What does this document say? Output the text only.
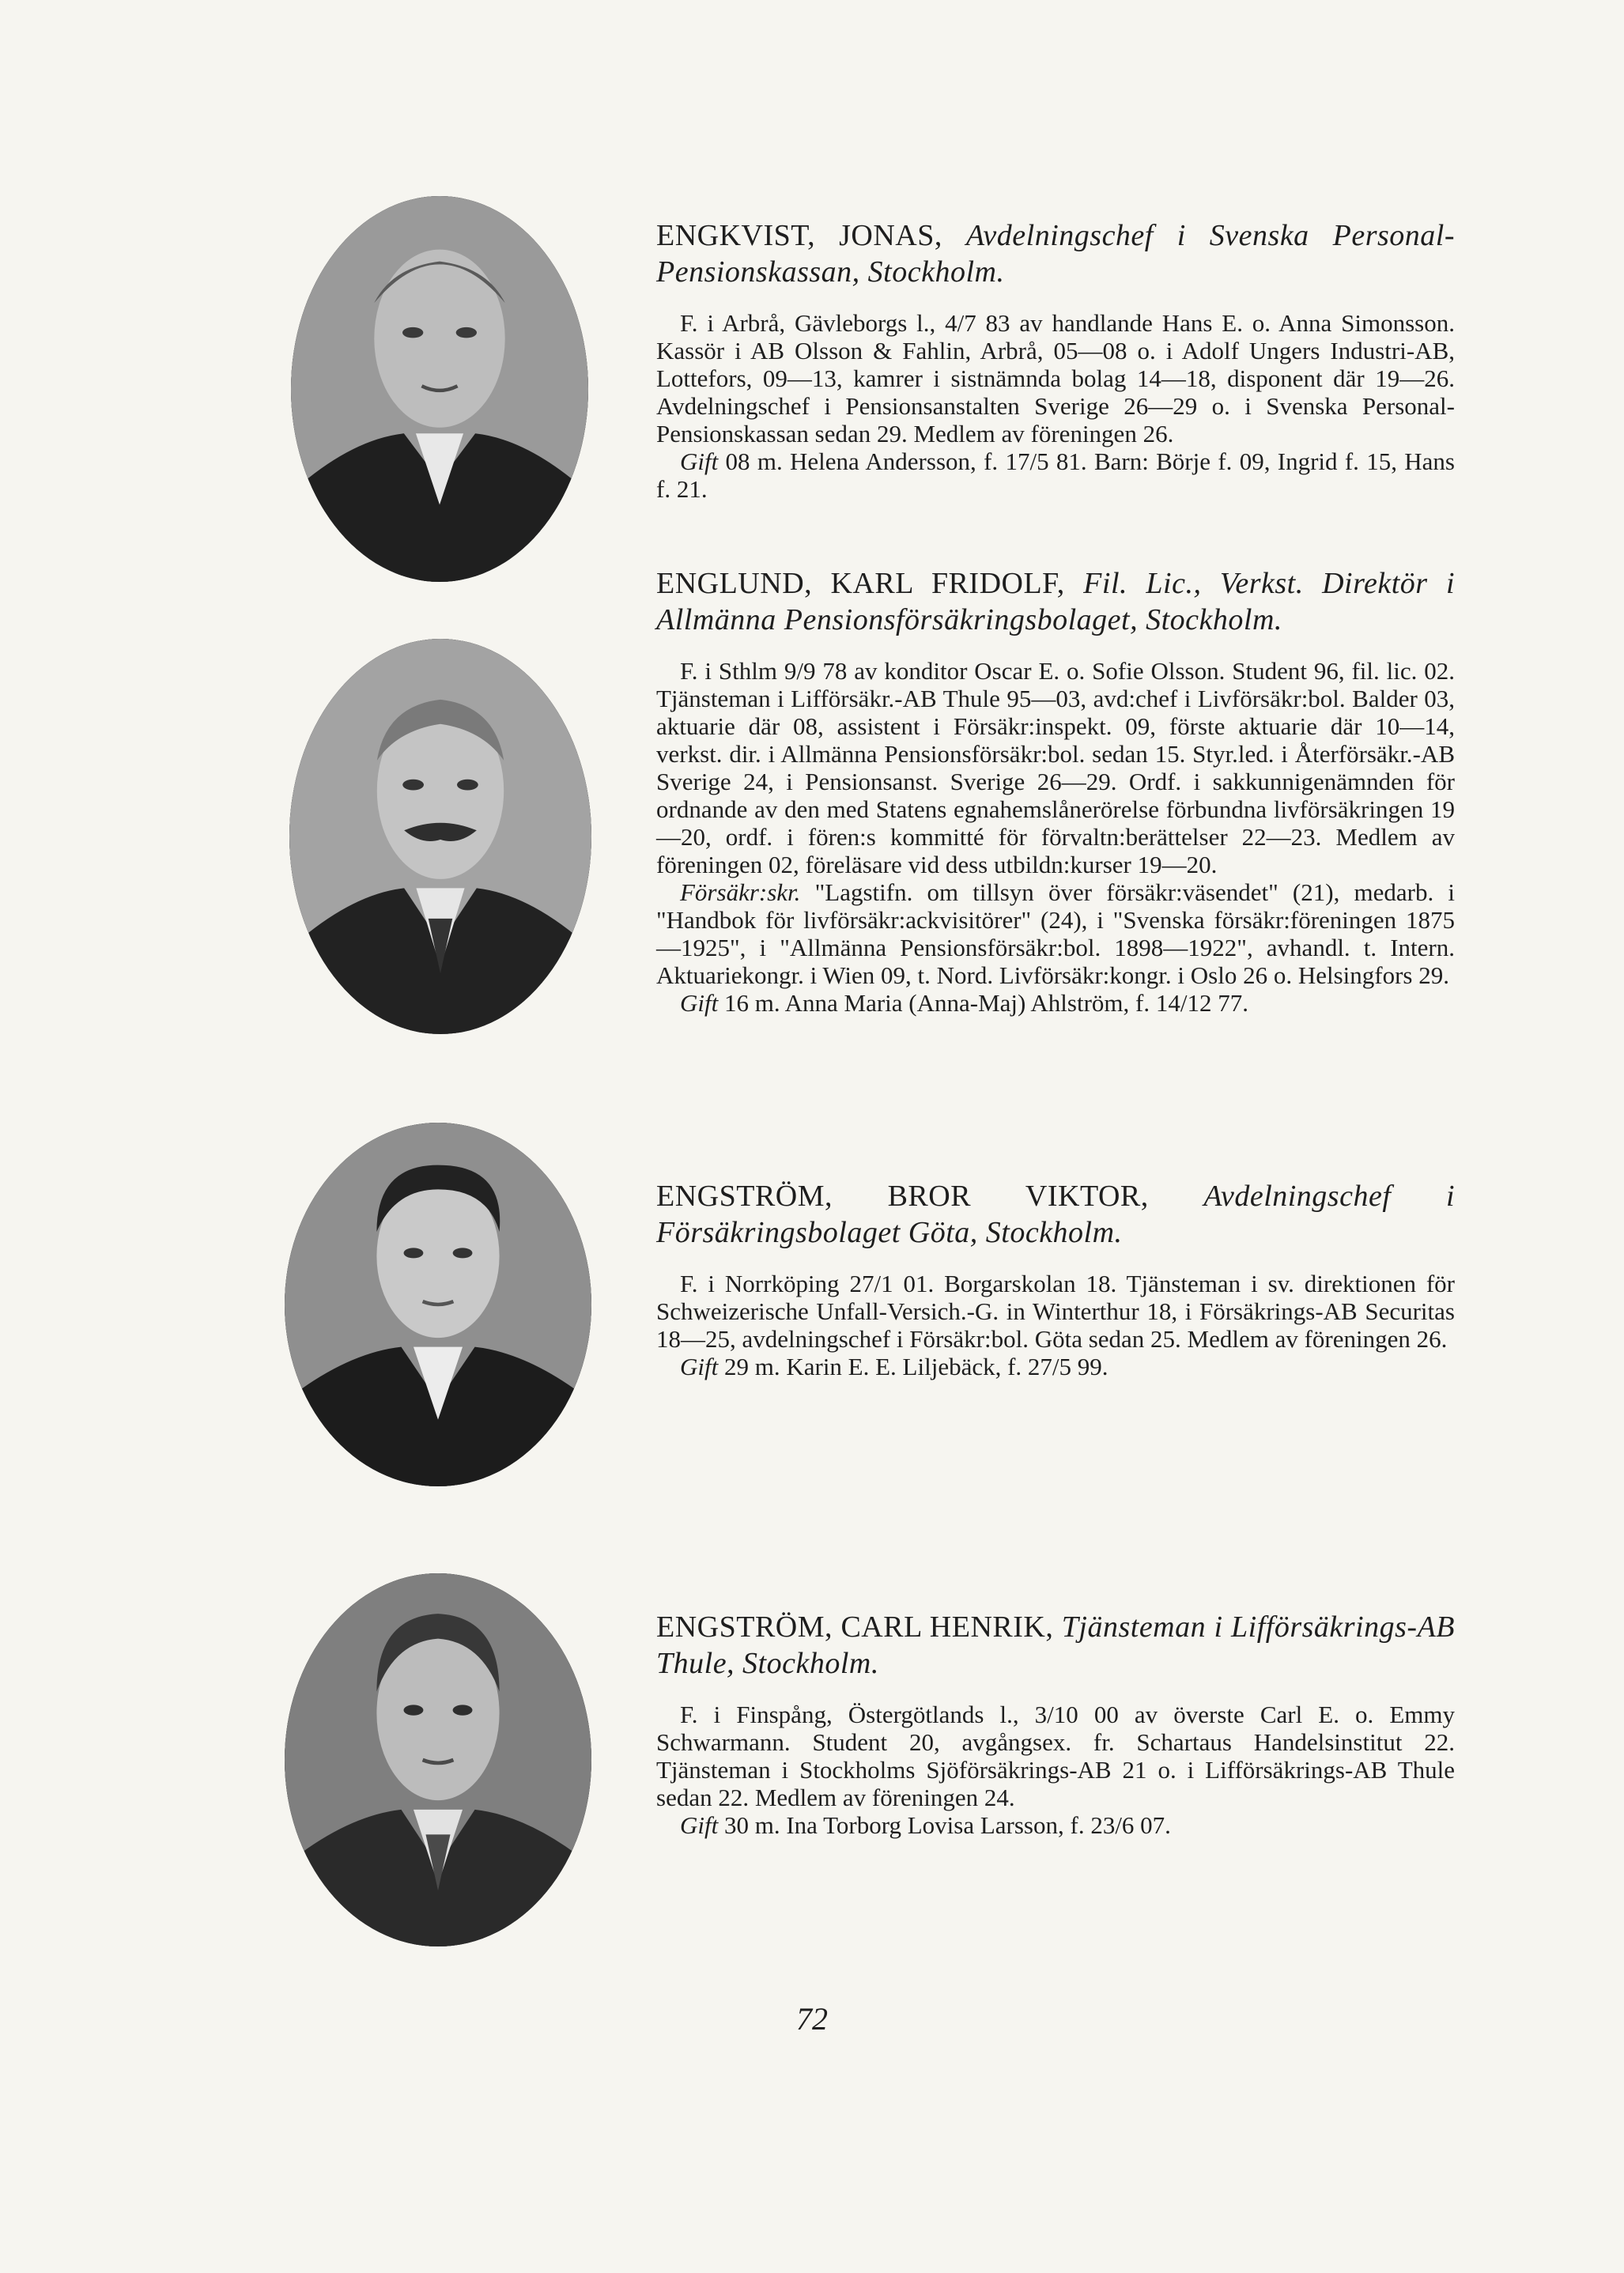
ENGKVIST, JONAS, Avdelningschef i Svenska Personal-Pensionskassan, Stockholm.

F. i Arbrå, Gävleborgs l., 4/7 83 av handlande Hans E. o. Anna Simonsson. Kassör i AB Olsson & Fahlin, Arbrå, 05—08 o. i Adolf Ungers Industri-AB, Lottefors, 09—13, kamrer i sistnämnda bolag 14—18, disponent där 19—26. Avdelningschef i Pensionsanstalten Sverige 26—29 o. i Svenska Personal-Pensionskassan sedan 29. Medlem av föreningen 26.

Gift 08 m. Helena Andersson, f. 17/5 81. Barn: Börje f. 09, Ingrid f. 15, Hans f. 21.

ENGLUND, KARL FRIDOLF, Fil. Lic., Verkst. Direktör i Allmänna Pensionsförsäkringsbolaget, Stockholm.

F. i Sthlm 9/9 78 av konditor Oscar E. o. Sofie Olsson. Student 96, fil. lic. 02. Tjänsteman i Lifförsäkr.-AB Thule 95—03, avd:chef i Livförsäkr:bol. Balder 03, aktuarie där 08, assistent i Försäkr:inspekt. 09, förste aktuarie där 10—14, verkst. dir. i Allmänna Pensionsförsäkr:bol. sedan 15. Styr.led. i Återförsäkr.-AB Sverige 24, i Pensionsanst. Sverige 26—29. Ordf. i sakkunnigenämnden för ordnande av den med Statens egnahemslånerörelse förbundna livförsäkringen 19—20, ordf. i fören:s kommitté för förvaltn:berättelser 22—23. Medlem av föreningen 02, föreläsare vid dess utbildn:kurser 19—20.

Försäkr:skr. "Lagstifn. om tillsyn över försäkr:väsendet" (21), medarb. i "Handbok för livförsäkr:ackvisitörer" (24), i "Svenska försäkr:föreningen 1875—1925", i "Allmänna Pensionsförsäkr:bol. 1898—1922", avhandl. t. Intern. Aktuariekongr. i Wien 09, t. Nord. Livförsäkr:kongr. i Oslo 26 o. Helsingfors 29.

Gift 16 m. Anna Maria (Anna-Maj) Ahlström, f. 14/12 77.

ENGSTRÖM, BROR VIKTOR, Avdelningschef i Försäkringsbolaget Göta, Stockholm.

F. i Norrköping 27/1 01. Borgarskolan 18. Tjänsteman i sv. direktionen för Schweizerische Unfall-Versich.-G. in Winterthur 18, i Försäkrings-AB Securitas 18—25, avdelningschef i Försäkr:bol. Göta sedan 25. Medlem av föreningen 26.

Gift 29 m. Karin E. E. Liljebäck, f. 27/5 99.

ENGSTRÖM, CARL HENRIK, Tjänsteman i Lifförsäkrings-AB Thule, Stockholm.

F. i Finspång, Östergötlands l., 3/10 00 av överste Carl E. o. Emmy Schwarmann. Student 20, avgångsex. fr. Schartaus Handelsinstitut 22. Tjänsteman i Stockholms Sjöförsäkrings-AB 21 o. i Lifförsäkrings-AB Thule sedan 22. Medlem av föreningen 24.

Gift 30 m. Ina Torborg Lovisa Larsson, f. 23/6 07.

72
